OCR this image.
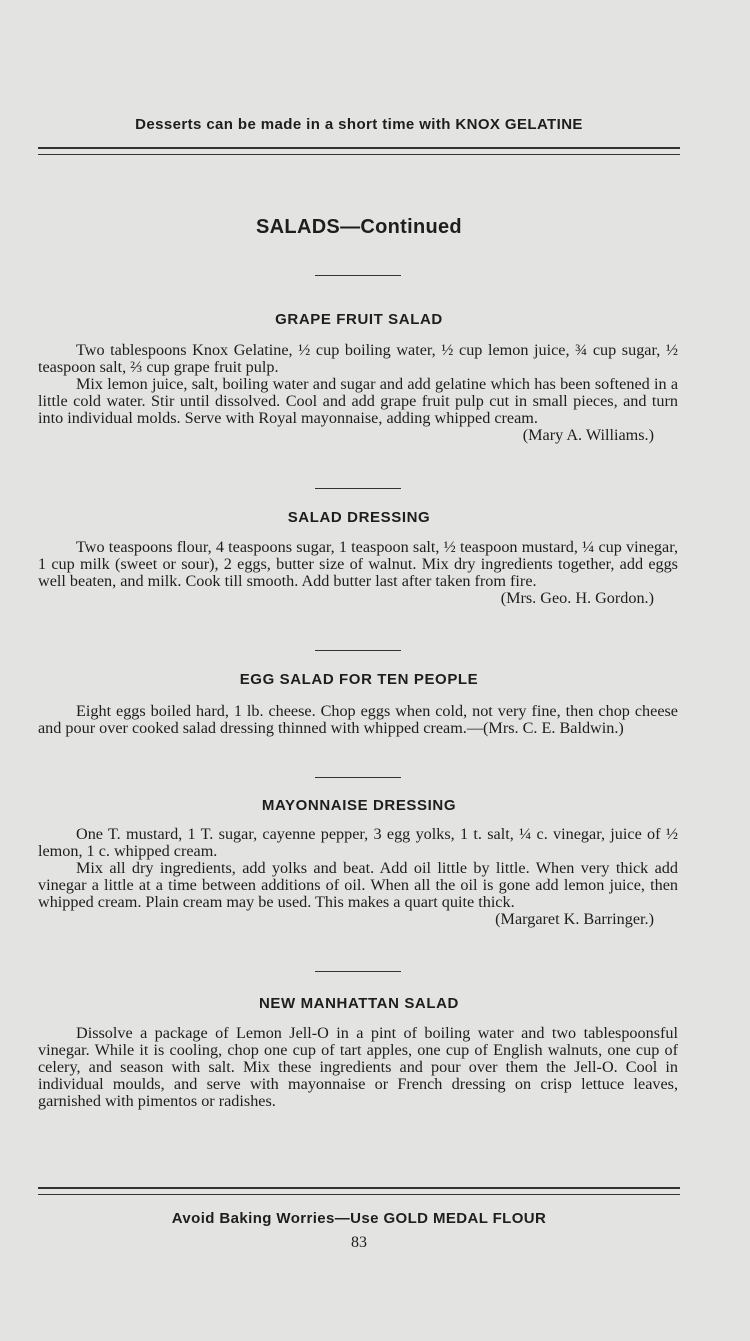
Desserts can be made in a short time with KNOX GELATINE
SALADS—Continued
GRAPE FRUIT SALAD

Two tablespoons Knox Gelatine, ½ cup boiling water, ½ cup lemon juice, ¾ cup sugar, ½ teaspoon salt, ⅔ cup grape fruit pulp.

Mix lemon juice, salt, boiling water and sugar and add gelatine which has been softened in a little cold water. Stir until dissolved. Cool and add grape fruit pulp cut in small pieces, and turn into individual molds. Serve with Royal mayonnaise, adding whipped cream.

(Mary A. Williams.)
SALAD DRESSING

Two teaspoons flour, 4 teaspoons sugar, 1 teaspoon salt, ½ teaspoon mustard, ¼ cup vinegar, 1 cup milk (sweet or sour), 2 eggs, butter size of walnut. Mix dry ingredients together, add eggs well beaten, and milk. Cook till smooth. Add butter last after taken from fire.

(Mrs. Geo. H. Gordon.)
EGG SALAD FOR TEN PEOPLE

Eight eggs boiled hard, 1 lb. cheese. Chop eggs when cold, not very fine, then chop cheese and pour over cooked salad dressing thinned with whipped cream.—(Mrs. C. E. Baldwin.)

MAYONNAISE DRESSING

One T. mustard, 1 T. sugar, cayenne pepper, 3 egg yolks, 1 t. salt, ¼ c. vinegar, juice of ½ lemon, 1 c. whipped cream.

Mix all dry ingredients, add yolks and beat. Add oil little by little. When very thick add vinegar a little at a time between additions of oil. When all the oil is gone add lemon juice, then whipped cream. Plain cream may be used. This makes a quart quite thick.

(Margaret K. Barringer.)
NEW MANHATTAN SALAD

Dissolve a package of Lemon Jell-O in a pint of boiling water and two tablespoonsful vinegar. While it is cooling, chop one cup of tart apples, one cup of English walnuts, one cup of celery, and season with salt. Mix these ingredients and pour over them the Jell-O. Cool in individual moulds, and serve with mayonnaise or French dressing on crisp lettuce leaves, garnished with pimentos or radishes.

Avoid Baking Worries—Use GOLD MEDAL FLOUR
83
